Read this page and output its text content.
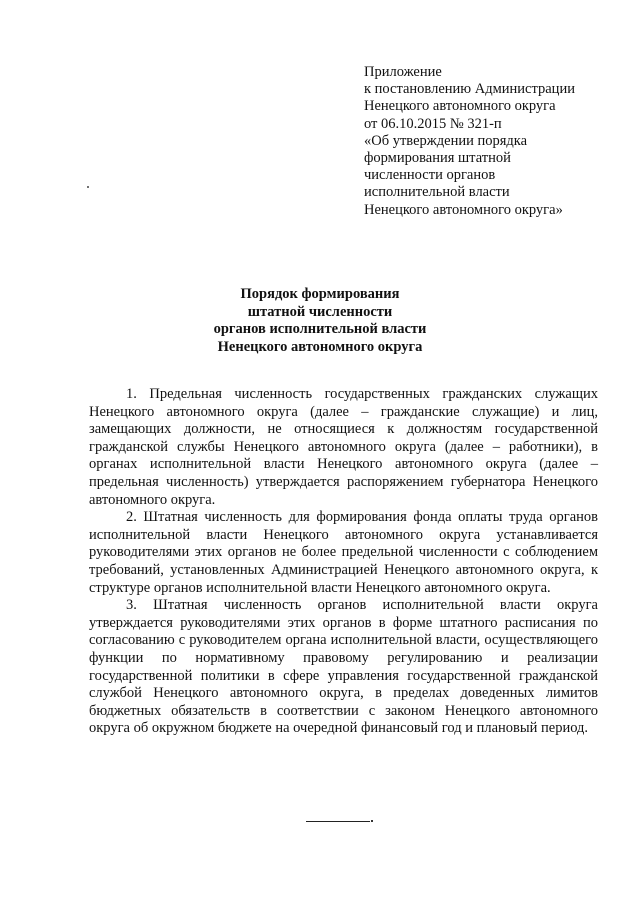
Приложение
к постановлению Администрации
Ненецкого автономного округа
от 06.10.2015 № 321-п
«Об утверждении порядка
формирования штатной
численности органов
исполнительной власти
Ненецкого автономного округа»
Порядок формирования
штатной численности
органов исполнительной власти
Ненецкого автономного округа

1. Предельная численность государственных гражданских служащих Ненецкого автономного округа (далее – гражданские служащие) и лиц, замещающих должности, не относящиеся к должностям государственной гражданской службы Ненецкого автономного округа (далее – работники), в органах исполнительной власти Ненецкого автономного округа (далее – предельная численность) утверждается распоряжением губернатора Ненецкого автономного округа.

2. Штатная численность для формирования фонда оплаты труда органов исполнительной власти Ненецкого автономного округа устанавливается руководителями этих органов не более предельной численности с соблюдением требований, установленных Администрацией Ненецкого автономного округа, к структуре органов исполнительной власти Ненецкого автономного округа.

3. Штатная численность органов исполнительной власти округа утверждается руководителями этих органов в форме штатного расписания по согласованию с руководителем органа исполнительной власти, осуществляющего функции по нормативному правовому регулированию и реализации государственной политики в сфере управления государственной гражданской службой Ненецкого автономного округа, в пределах доведенных лимитов бюджетных обязательств в соответствии с законом Ненецкого автономного округа об окружном бюджете на очередной финансовый год и плановый период.
